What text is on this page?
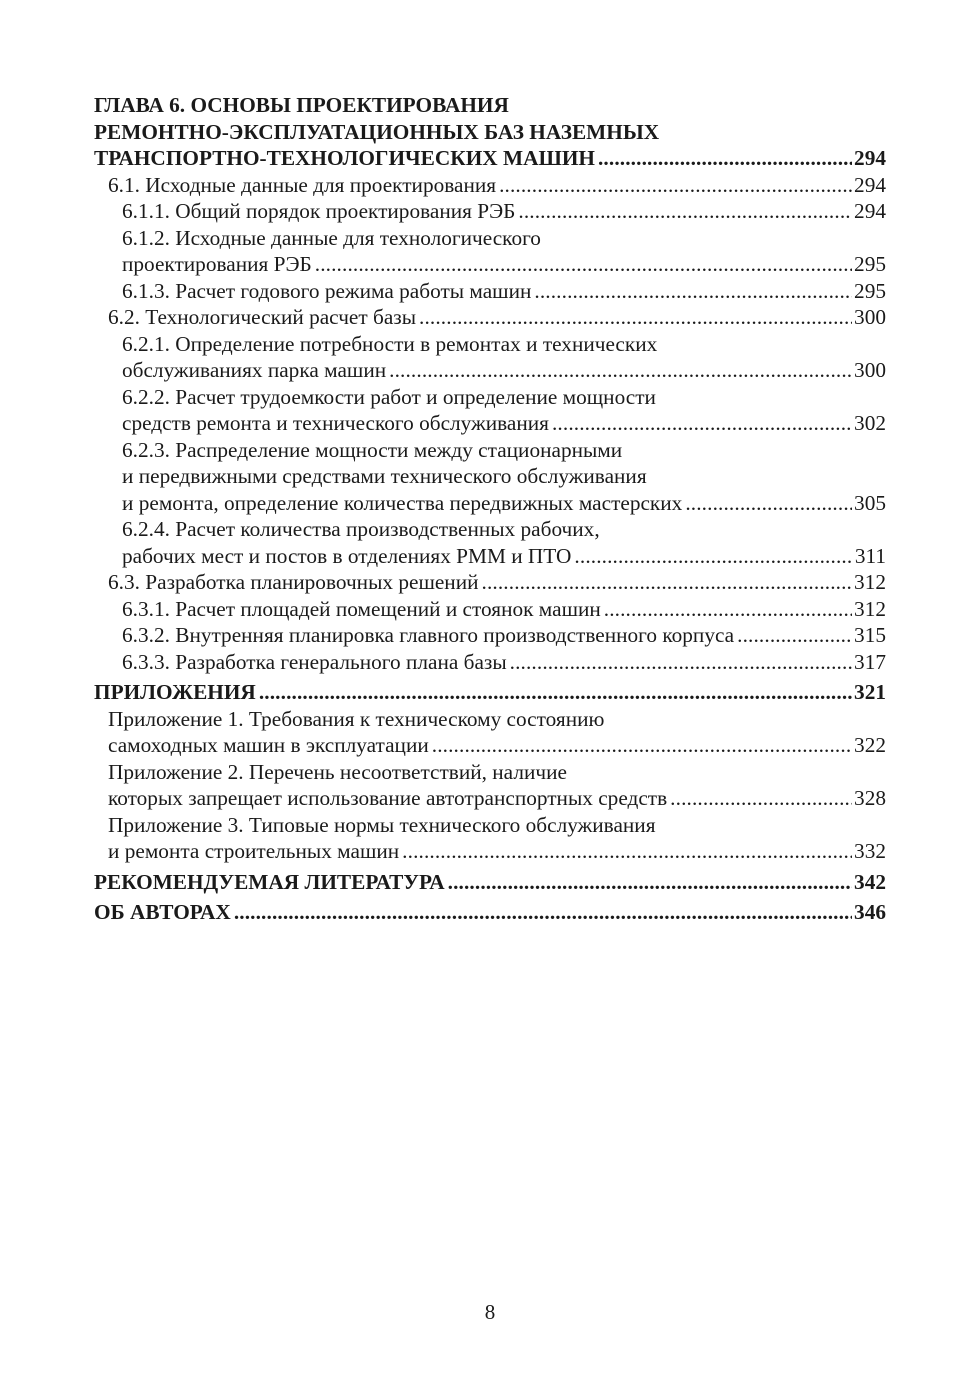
ГЛАВА 6. ОСНОВЫ ПРОЕКТИРОВАНИЯ
РЕМОНТНО-ЭКСПЛУАТАЦИОННЫХ БАЗ НАЗЕМНЫХ
ТРАНСПОРТНО-ТЕХНОЛОГИЧЕСКИХ МАШИН . . .	294
6.1. Исходные данные для проектирования . . .	294
6.1.1. Общий порядок проектирования РЭБ . . .	294
6.1.2. Исходные данные для технологического
проектирования РЭБ . . .	295
6.1.3. Расчет годового режима работы машин . . .	295
6.2. Технологический расчет базы . . .	300
6.2.1. Определение потребности в ремонтах и технических
обслуживаниях парка машин . . .	300
6.2.2. Расчет трудоемкости работ и определение мощности
средств ремонта и технического обслуживания . . .	302
6.2.3. Распределение мощности между стационарными
и передвижными средствами технического обслуживания
и ремонта, определение количества передвижных мастерских . . .	305
6.2.4. Расчет количества производственных рабочих,
рабочих мест и постов в отделениях РММ и ПТО . . .	311
6.3. Разработка планировочных решений . . .	312
6.3.1. Расчет площадей помещений и стоянок машин . . .	312
6.3.2. Внутренняя планировка главного производственного корпуса . . .	315
6.3.3. Разработка генерального плана базы . . .	317
ПРИЛОЖЕНИЯ . . .	321
Приложение 1. Требования к техническому состоянию
самоходных машин в эксплуатации . . .	322
Приложение 2. Перечень несоответствий, наличие
которых запрещает использование автотранспортных средств . . .	328
Приложение 3. Типовые нормы технического обслуживания
и ремонта строительных машин . . .	332
РЕКОМЕНДУЕМАЯ ЛИТЕРАТУРА . . .	342
ОБ АВТОРАХ . . .	346
8
